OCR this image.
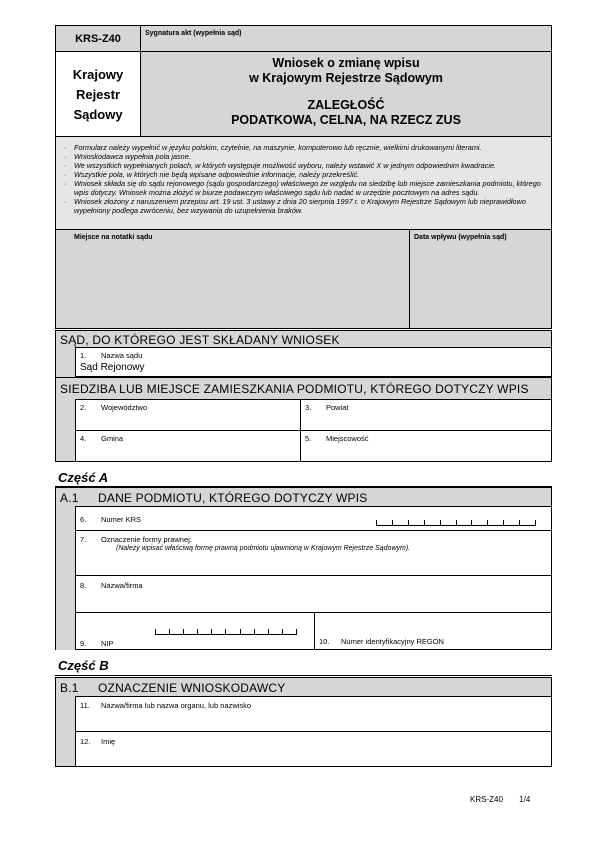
KRS-Z40	Sygnatura akt (wypełnia sąd)
Krajowy
Rejestr
Sądowy
Wniosek o zmianę wpisu
w Krajowym Rejestrze Sądowym
ZALEGŁOŚĆ
PODATKOWA, CELNA, NA RZECZ ZUS
· Formularz należy wypełnić w języku polskim, czytelnie, na maszynie, komputerowo lub ręcznie, wielkimi drukowanymi literami.
· Wnioskodawca wypełnia pola jasne.
· We wszystkich wypełnianych polach, w których występuje możliwość wyboru, należy wstawić X w jednym odpowiednim kwadracie.
· Wszystkie pola, w których nie będą wpisane odpowiednie informacje, należy przekreślić.
· Wniosek składa się do sądu rejonowego (sądu gospodarczego) właściwego ze względu na siedzibę lub miejsce zamieszkania podmiotu, którego wpis dotyczy. Wniosek można złożyć w biurze podawczym właściwego sądu lub nadać w urzędzie pocztowym na adres sądu.
· Wniosek złożony z naruszeniem przepisu art. 19 ust. 3 ustawy z dnia 20 sierpnia 1997 r. o Krajowym Rejestrze Sądowym lub nieprawidłowo wypełniony podlega zwróceniu, bez wzywania do uzupełnienia braków.
Miejsce na notatki sądu	Data wpływu (wypełnia sąd)
SĄD, DO KTÓREGO JEST SKŁADANY WNIOSEK
1. Nazwa sądu
Sąd Rejonowy
SIEDZIBA LUB MIEJSCE ZAMIESZKANIA PODMIOTU, KTÓREGO DOTYCZY WPIS
2. Województwo	3. Powiat
4. Gmina	5. Miejscowość
Część A
A.1 DANE PODMIOTU, KTÓREGO DOTYCZY WPIS
6. Numer KRS
7. Oznaczenie formy prawnej:
(Należy wpisać właściwą formę prawną podmiotu ujawnioną w Krajowym Rejestrze Sądowym).
8. Nazwa/firma
9. NIP	10. Numer identyfikacyjny REGON
Część B
B.1 OZNACZENIE WNIOSKODAWCY
11. Nazwa/firma lub nazwa organu, lub nazwisko
12. Imię
KRS-Z40 1/4
